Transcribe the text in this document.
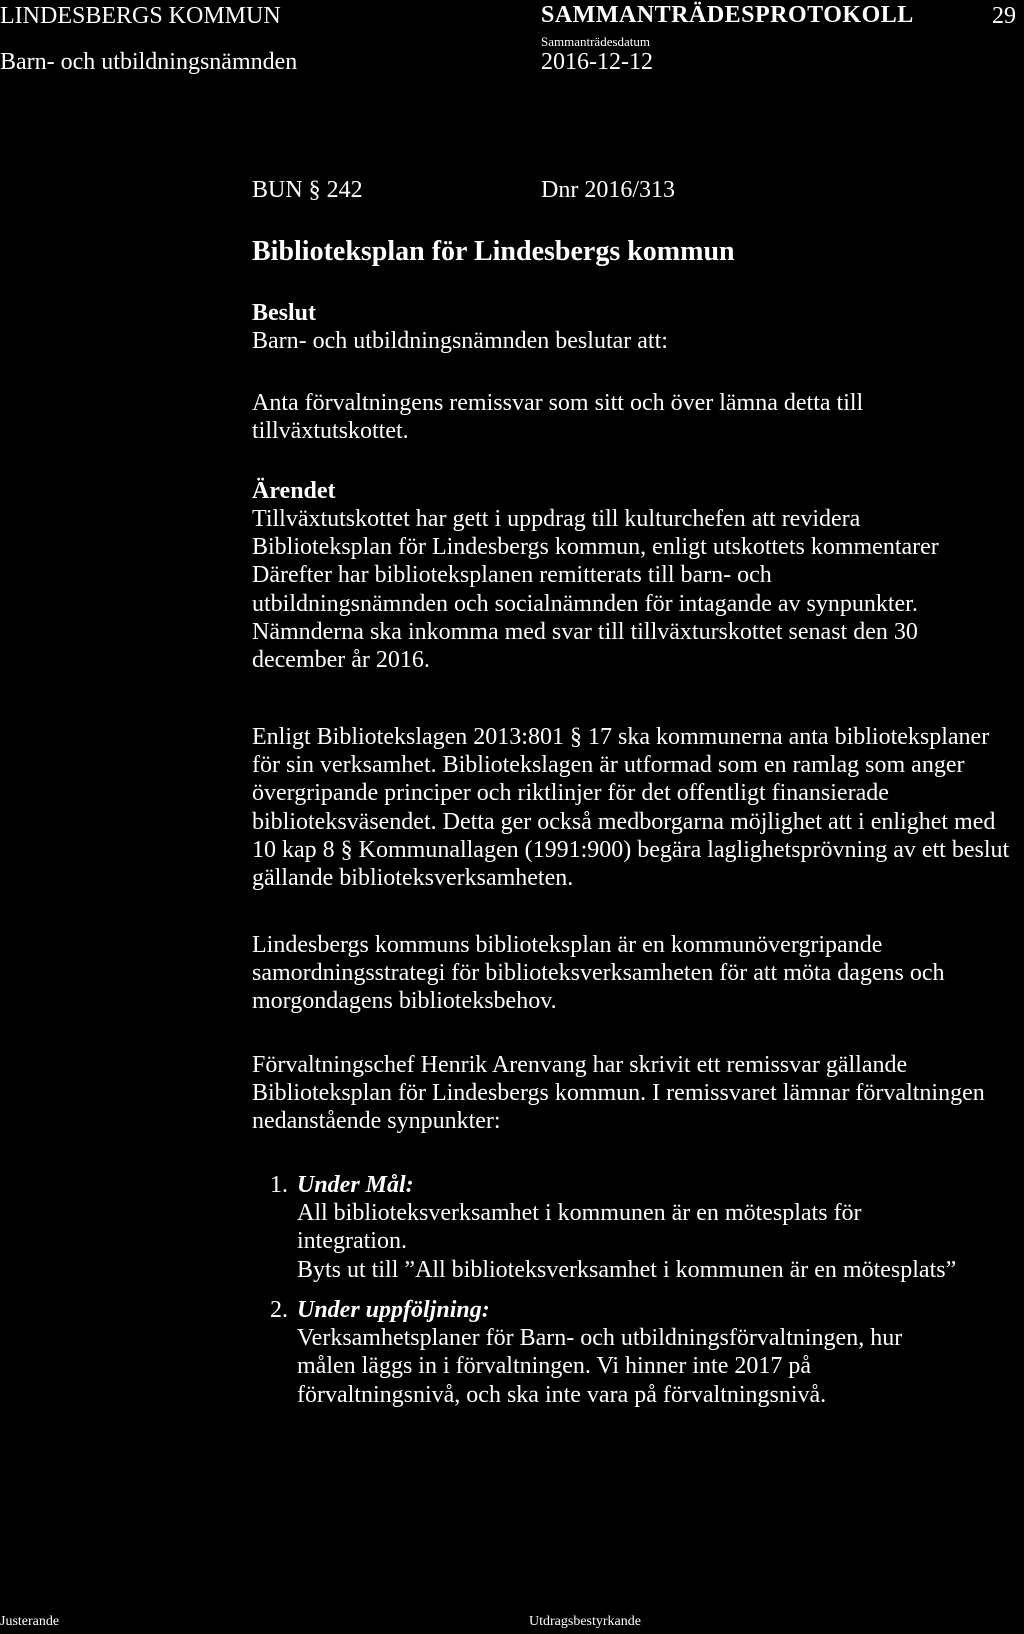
LINDESBERGS KOMMUN
Barn- och utbildningsnämnden
SAMMANTRÄDESPROTOKOLL
Sammanträdesdatum
2016-12-12
29
BUN § 242	Dnr 2016/313
Biblioteksplan för Lindesbergs kommun

Beslut

Barn- och utbildningsnämnden beslutar att:

Anta förvaltningens remissvar som sitt och över lämna detta till tillväxtutskottet.

Ärendet

Tillväxtutskottet har gett i uppdrag till kulturchefen att revidera
Biblioteksplan för Lindesbergs kommun, enligt utskottets kommentarer
Därefter har biblioteksplanen remitterats till barn- och
utbildningsnämnden och socialnämnden för intagande av synpunkter.
Nämnderna ska inkomma med svar till tillväxturskottet senast den 30
december år 2016.

Enligt Bibliotekslagen 2013:801 § 17 ska kommunerna anta biblioteksplaner för sin verksamhet. Bibliotekslagen är utformad som en ramlag som anger övergripande principer och riktlinjer för det offentligt finansierade biblioteksväsendet. Detta ger också medborgarna möjlighet att i enlighet med 10 kap 8 § Kommunallagen (1991:900) begära laglighetsprövning av ett beslut gällande biblioteksverksamheten.
Lindesbergs kommuns biblioteksplan är en kommunövergripande samordningsstrategi för biblioteksverksamheten för att möta dagens och morgondagens biblioteksbehov.
Förvaltningschef Henrik Arenvang har skrivit ett remissvar gällande Biblioteksplan för Lindesbergs kommun. I remissvaret lämnar förvaltningen nedanstående synpunkter:
1. Under Mål:

All biblioteksverksamhet i kommunen är en mötesplats för
integration.
Byts ut till ”All biblioteksverksamhet i kommunen är en mötesplats”

2. Under uppföljning:

Verksamhetsplaner för Barn- och utbildningsförvaltningen, hur
målen läggs in i förvaltningen. Vi hinner inte 2017 på
förvaltningsnivå, och ska inte vara på förvaltningsnivå.

Justerande	Utdragsbestyrkande
